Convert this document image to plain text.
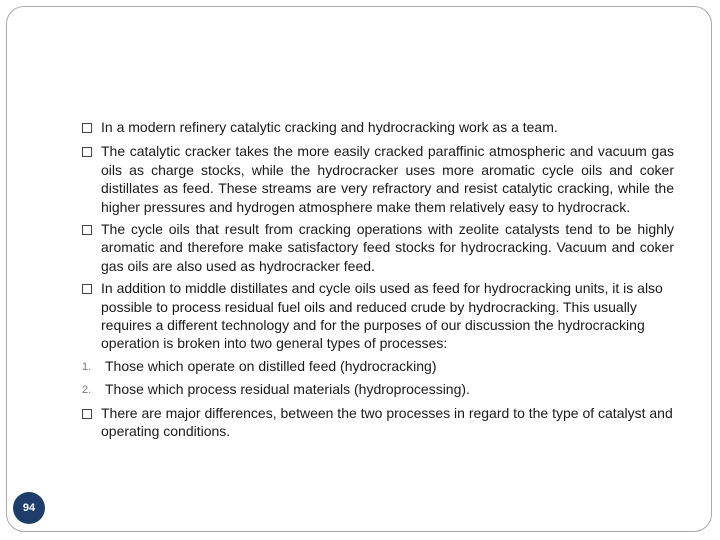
In a modern refinery catalytic cracking and hydrocracking work as a team.
The catalytic cracker takes the more easily cracked paraffinic atmospheric and vacuum gas oils as charge stocks, while the hydrocracker uses more aromatic cycle oils and coker distillates as feed. These streams are very refractory and resist catalytic cracking, while the higher pressures and hydrogen atmosphere make them relatively easy to hydrocrack.
The cycle oils that result from cracking operations with zeolite catalysts tend to be highly aromatic and therefore make satisfactory feed stocks for hydrocracking. Vacuum and coker gas oils are also used as hydrocracker feed.
In addition to middle distillates and cycle oils used as feed for hydrocracking units, it is also possible to process residual fuel oils and reduced crude by hydrocracking. This usually requires a different technology and for the purposes of our discussion the hydrocracking operation is broken into two general types of processes:
1. Those which operate on distilled feed (hydrocracking)
2. Those which process residual materials (hydroprocessing).
There are major differences, between the two processes in regard to the type of catalyst and operating conditions.
94
